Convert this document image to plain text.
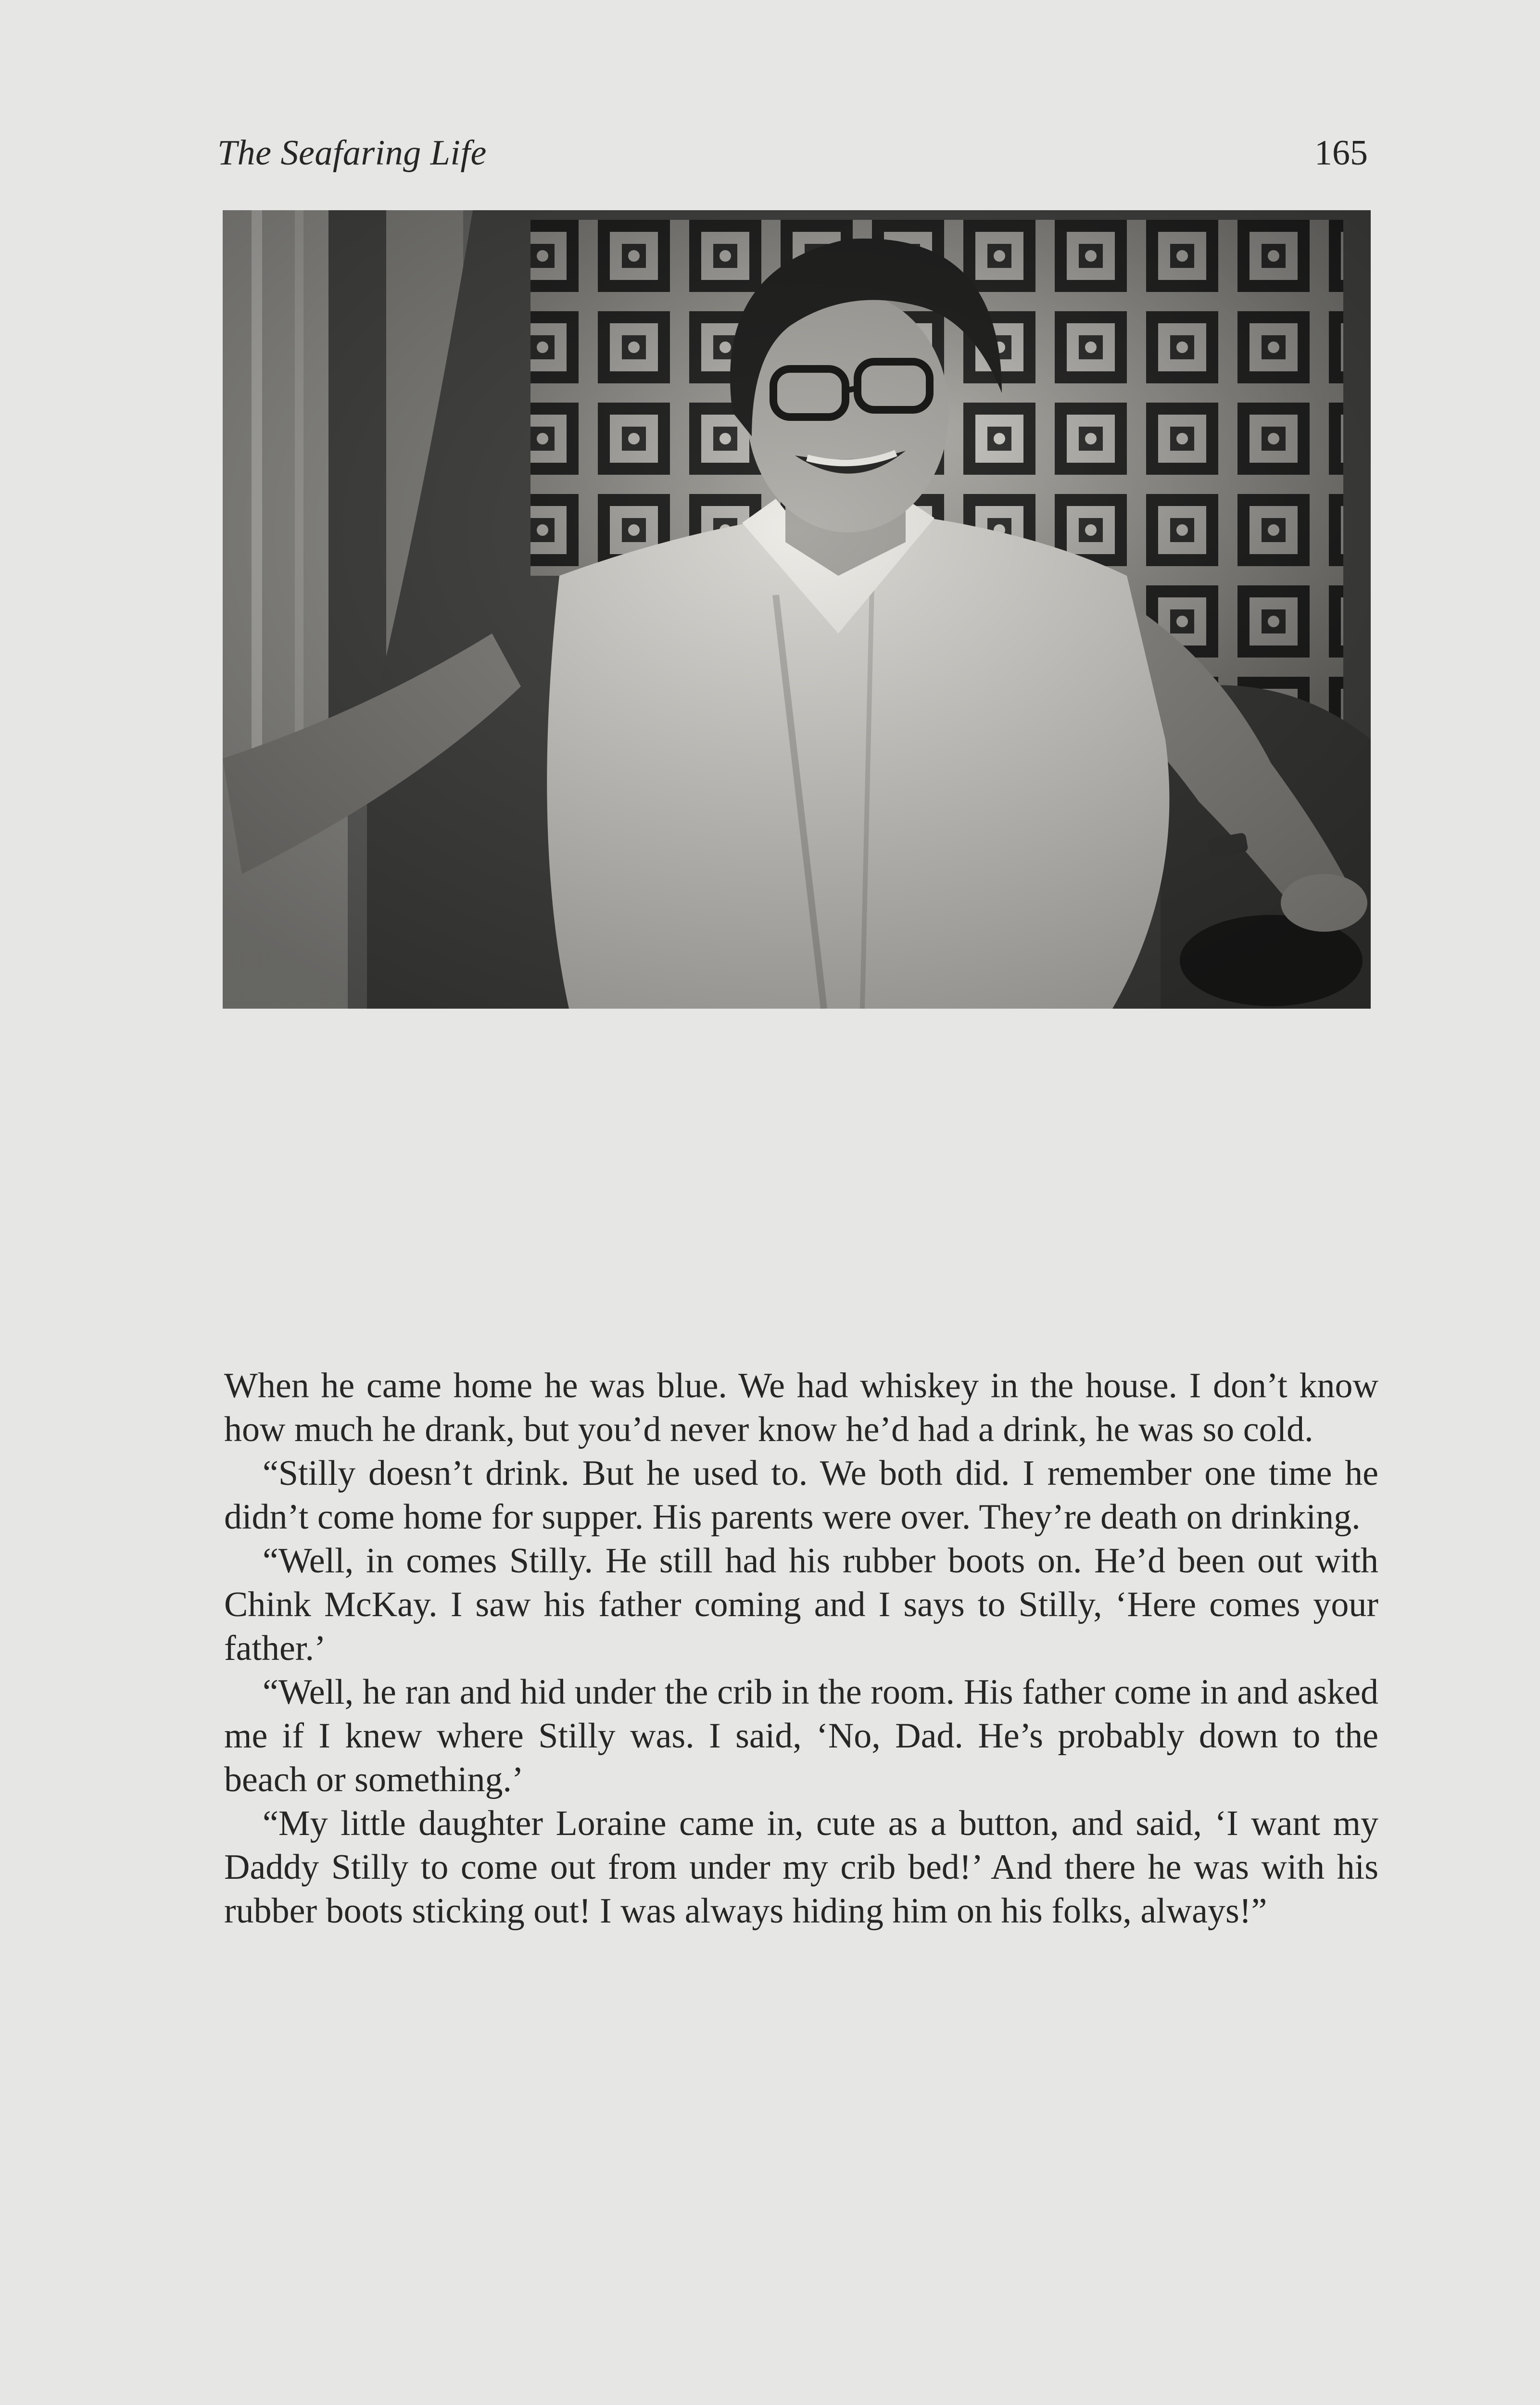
The Seafaring Life	165

When he came home he was blue. We had whiskey in the house. I don’t know how much he drank, but you’d never know he’d had a drink, he was so cold.

“Stilly doesn’t drink. But he used to. We both did. I remember one time he didn’t come home for supper. His parents were over. They’re death on drinking.

“Well, in comes Stilly. He still had his rubber boots on. He’d been out with Chink McKay. I saw his father coming and I says to Stilly, ‘Here comes your father.’

“Well, he ran and hid under the crib in the room. His father come in and asked me if I knew where Stilly was. I said, ‘No, Dad. He’s probably down to the beach or something.’

“My little daughter Loraine came in, cute as a button, and said, ‘I want my Daddy Stilly to come out from under my crib bed!’ And there he was with his rubber boots sticking out! I was always hiding him on his folks, always!”
